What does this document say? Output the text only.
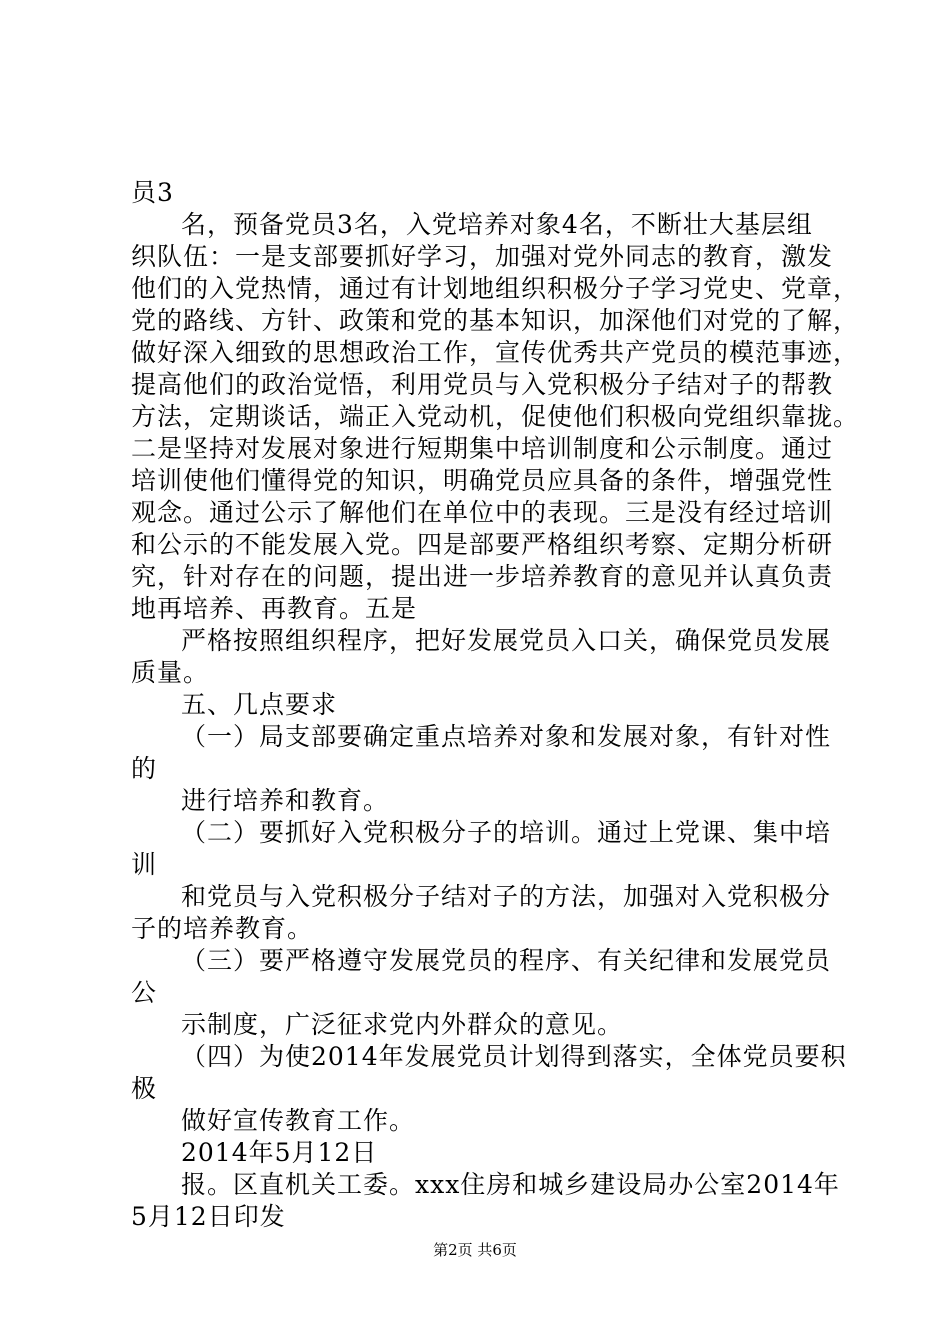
员3
名，预备党员3名，入党培养对象4名，不断壮大基层组
织队伍：一是支部要抓好学习，加强对党外同志的教育，激发
他们的入党热情，通过有计划地组织积极分子学习党史、党章，
党的路线、方针、政策和党的基本知识，加深他们对党的了解，
做好深入细致的思想政治工作，宣传优秀共产党员的模范事迹，
提高他们的政治觉悟，利用党员与入党积极分子结对子的帮教
方法，定期谈话，端正入党动机，促使他们积极向党组织靠拢。
二是坚持对发展对象进行短期集中培训制度和公示制度。通过
培训使他们懂得党的知识，明确党员应具备的条件，增强党性
观念。通过公示了解他们在单位中的表现。三是没有经过培训
和公示的不能发展入党。四是部要严格组织考察、定期分析研
究，针对存在的问题，提出进一步培养教育的意见并认真负责
地再培养、再教育。五是
严格按照组织程序，把好发展党员入口关，确保党员发展
质量。
五、几点要求
（一）局支部要确定重点培养对象和发展对象，有针对性
的
进行培养和教育。
（二）要抓好入党积极分子的培训。通过上党课、集中培
训
和党员与入党积极分子结对子的方法，加强对入党积极分
子的培养教育。
（三）要严格遵守发展党员的程序、有关纪律和发展党员
公
示制度，广泛征求党内外群众的意见。
（四）为使2014年发展党员计划得到落实，全体党员要积
极
做好宣传教育工作。
2014年5月12日
报。区直机关工委。xxx住房和城乡建设局办公室2014年
5月12日印发
第2页 共6页
